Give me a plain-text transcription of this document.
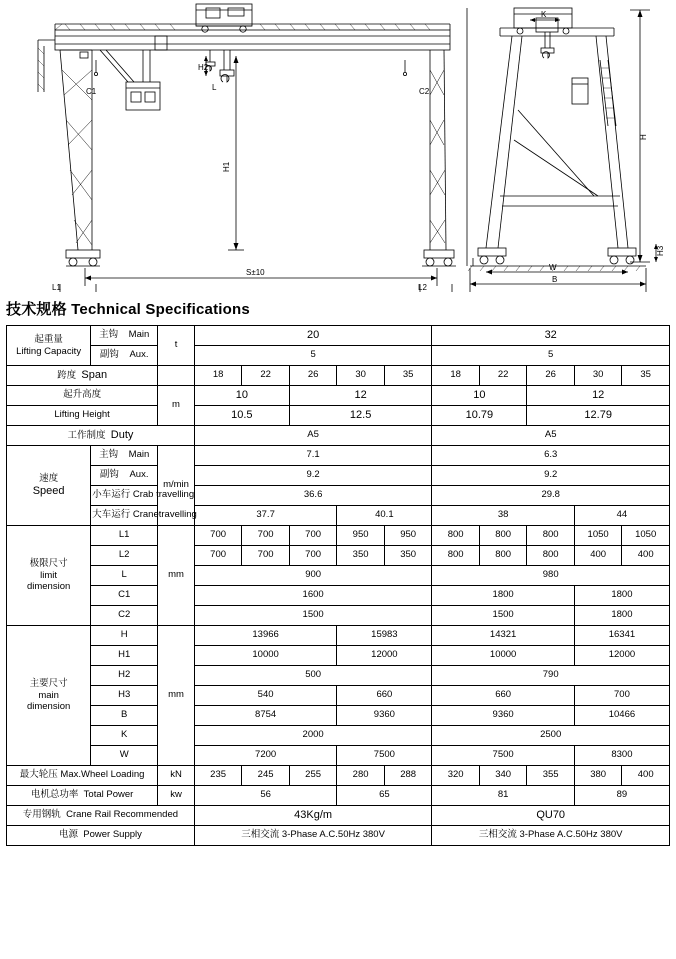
H2
H1
H
C1	C2
L1	L2
S±10
K
W
B
H3
L
技术规格 Technical Specifications
起重量
Lifting Capacity	主钩 Main	t	20					32				
	副钩 Aux.		5					5				
跨度 Span			18	22	26	30	35	18	22	26	30	35
起升高度		m	10		12			10		12		
Lifting Height			10.5		12.5			10.79		12.79		
工作制度 Duty			A5					A5				

速度
Speed	主钩 Main	m/min	7.1					6.3				
	副钩 Aux.		9.2					9.2				
	小车运行 Crab travelling		36.6					29.8				
	大车运行 Cranetravelling		37.7			40.1		38			44	

极限尺寸
limit
dimension	L1	mm	700	700	700	950	950	800	800	800	1050	1050
	L2		700	700	700	350	350	800	800	800	400	400
	L		900					980				
	C1		1600					1800			1800	
	C2		1500					1500			1800	

主要尺寸
main
dimension	H	mm	13966			15983		14321			16341	
	H1		10000			12000		10000			12000	
	H2		500					790				
	H3		540			660		660			700	
	B		8754			9360		9360			10466	
	K		2000					2500				
	W		7200			7500		7500			8300	
最大轮压 Max.Wheel Loading		kN	235	245	255	280	288	320	340	355	380	400
电机总功率 Total Power		kw	56			65		81			89	
专用钢轨 Crane Rail Recommended			43Kg/m					QU70				
电源 Power Supply			三相交流 3-Phase A.C.50Hz 380V					三相交流 3-Phase A.C.50Hz 380V				
